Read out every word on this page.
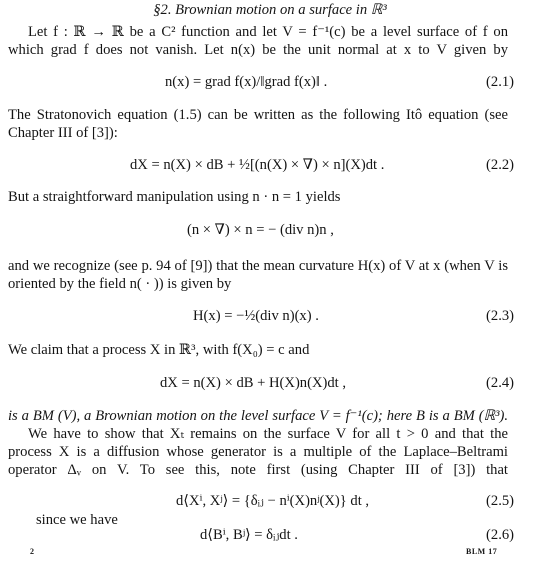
§2. Brownian motion on a surface in ℝ³
Let f : ℝ → ℝ be a C² function and let V = f⁻¹(c) be a level surface of f on
which grad f does not vanish. Let n(x) be the unit normal at x to V given by
n(x) = grad f(x)/‖grad f(x)‖ .	(2.1)
The Stratonovich equation (1.5) can be written as the following Itô equation (see
Chapter III of [3]):
dX = n(X) × dB + ½[(n(X) × ∇) × n](X)dt .	(2.2)
But a straightforward manipulation using n · n = 1 yields
(n × ∇) × n = − (div n)n ,
and we recognize (see p. 94 of [9]) that the mean curvature H(x) of V at x (when V is
oriented by the field n( · )) is given by
H(x) = −½(div n)(x) .	(2.3)
We claim that a process X in ℝ³, with f(X₀) = c and
dX = n(X) × dB + H(X)n(X)dt ,	(2.4)
is a BM (V), a Brownian motion on the level surface V = f⁻¹(c); here B is a BM (ℝ³).
We have to show that Xₜ remains on the surface V for all t > 0 and that the
process X is a diffusion whose generator is a multiple of the Laplace–Beltrami
operator Δᵥ on V. To see this, note first (using Chapter III of [3]) that
d⟨Xⁱ, Xʲ⟩ = {δᵢⱼ − nⁱ(X)nʲ(X)} dt ,	(2.5)
since we have
d⟨Bⁱ, Bʲ⟩ = δᵢⱼdt .	(2.6)
2	BLM 17
